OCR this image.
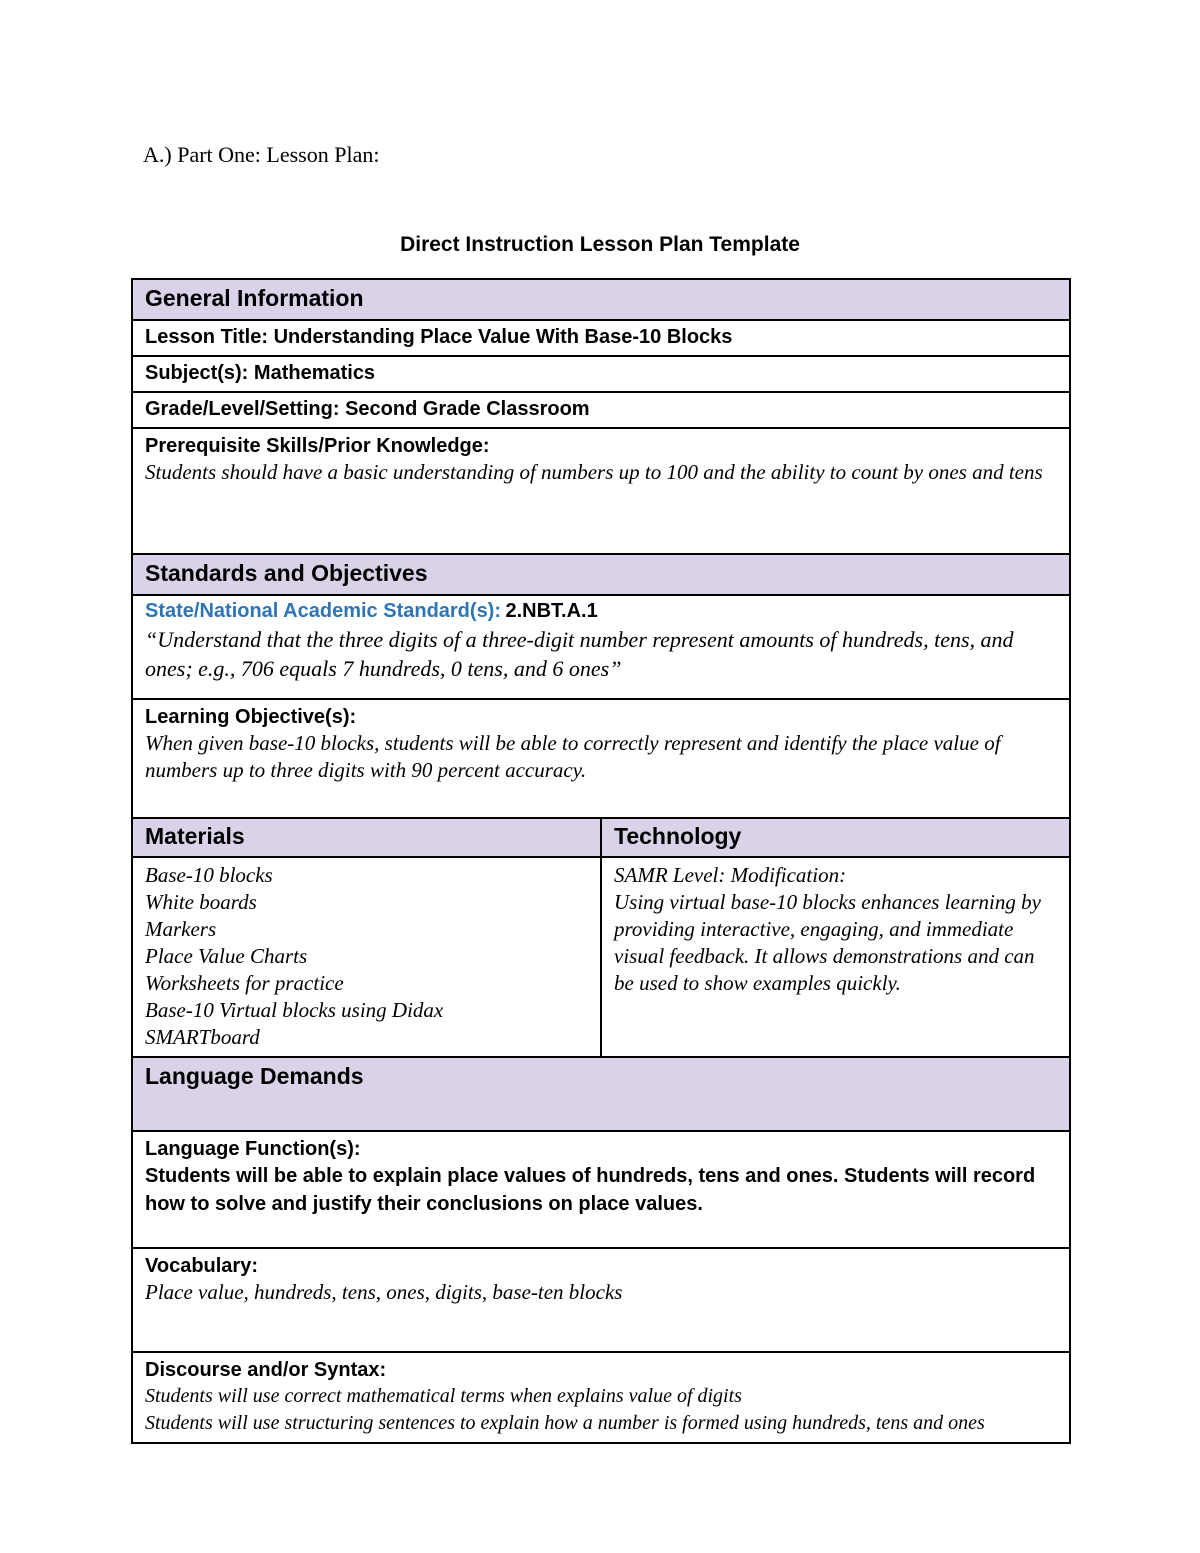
A.) Part One: Lesson Plan:
Direct Instruction Lesson Plan Template
General Information
Lesson Title: Understanding Place Value With Base-10 Blocks
Subject(s): Mathematics
Grade/Level/Setting: Second Grade Classroom
Prerequisite Skills/Prior Knowledge:
Students should have a basic understanding of numbers up to 100 and the ability to count by ones and tens
Standards and Objectives
State/National Academic Standard(s): 2.NBT.A.1
“Understand that the three digits of a three-digit number represent amounts of hundreds, tens, and ones; e.g., 706 equals 7 hundreds, 0 tens, and 6 ones”
Learning Objective(s):
When given base-10 blocks, students will be able to correctly represent and identify the place value of numbers up to three digits with 90 percent accuracy.
Materials	Technology
Base-10 blocks
White boards
Markers
Place Value Charts
Worksheets for practice
Base-10 Virtual blocks using Didax
SMARTboard
SAMR Level: Modification:
Using virtual base-10 blocks enhances learning by providing interactive, engaging, and immediate visual feedback. It allows demonstrations and can be used to show examples quickly.
Language Demands
Language Function(s):
Students will be able to explain place values of hundreds, tens and ones. Students will record how to solve and justify their conclusions on place values.
Vocabulary:
Place value, hundreds, tens, ones, digits, base-ten blocks
Discourse and/or Syntax:
Students will use correct mathematical terms when explains value of digits
Students will use structuring sentences to explain how a number is formed using hundreds, tens and ones
